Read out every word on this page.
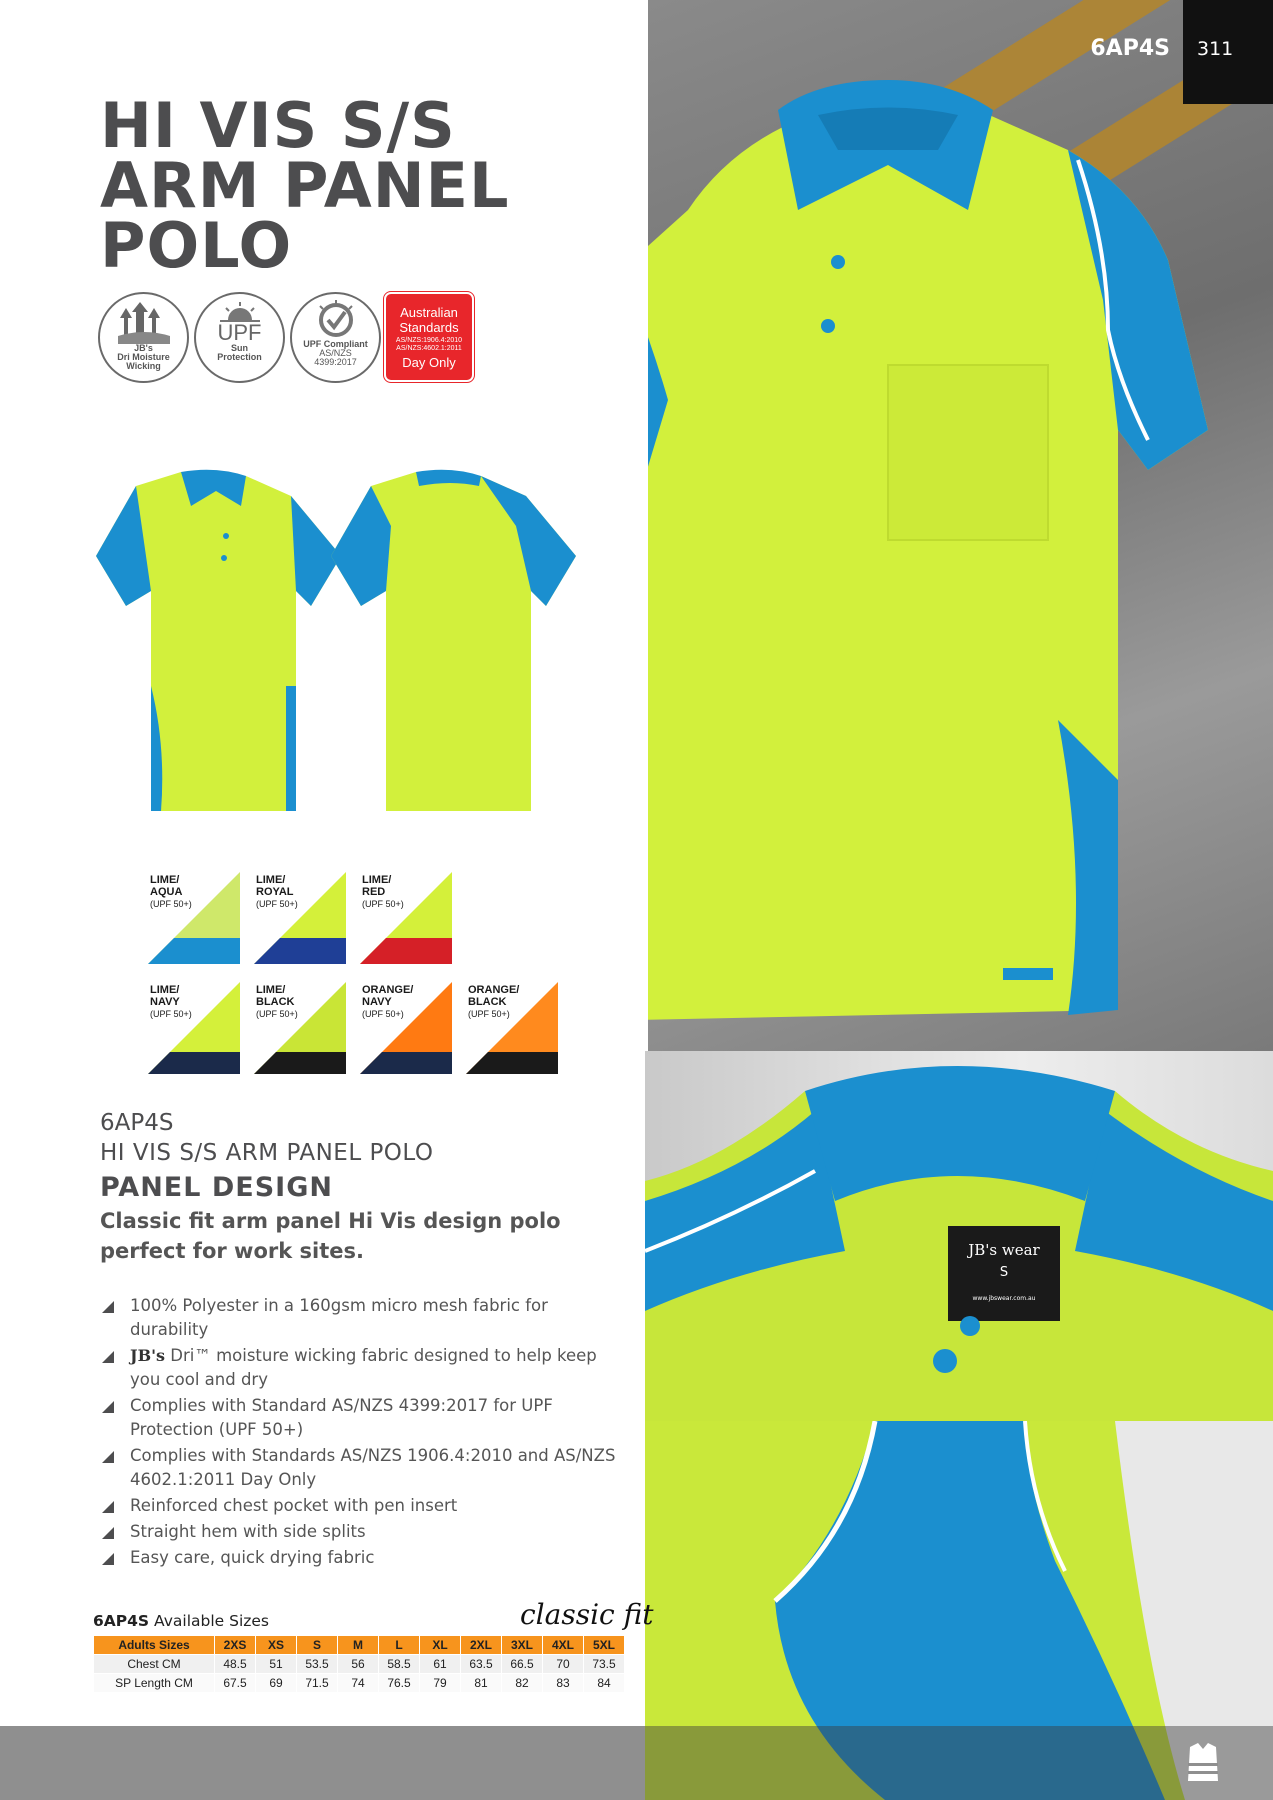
6AP4S 311
JB's wear
S
www.jbswear.com.au
HI VIS S/S
ARM PANEL
POLO
JB's
Dri Moisture
Wicking
UPF
Sun
Protection
UPF Compliant
AS/NZS
4399:2017
Australian
Standards
AS/NZS:1906.4:2010
AS/NZS:4602.1:2011
Day Only
LIME/
AQUA
(UPF 50+)
LIME/
ROYAL
(UPF 50+)
LIME/
RED
(UPF 50+)
LIME/
NAVY
(UPF 50+)
LIME/
BLACK
(UPF 50+)
ORANGE/
NAVY
(UPF 50+)
ORANGE/
BLACK
(UPF 50+)
6AP4S
HI VIS S/S ARM PANEL POLO
PANEL DESIGN
Classic fit arm panel Hi Vis design polo
perfect for work sites.
100% Polyester in a 160gsm micro mesh fabric for durability
JB's Dri™ moisture wicking fabric designed to help keep you cool and dry
Complies with Standard AS/NZS 4399:2017 for UPF Protection (UPF 50+)
Complies with Standards AS/NZS 1906.4:2010 and AS/NZS 4602.1:2011 Day Only
Reinforced chest pocket with pen insert
Straight hem with side splits
Easy care, quick drying fabric
6AP4S Available Sizes	classic fit
Adults Sizes	2XS	XS	S	M	L	XL	2XL	3XL	4XL	5XL
Chest CM	48.5	51	53.5	56	58.5	61	63.5	66.5	70	73.5
SP Length CM	67.5	69	71.5	74	76.5	79	81	82	83	84
